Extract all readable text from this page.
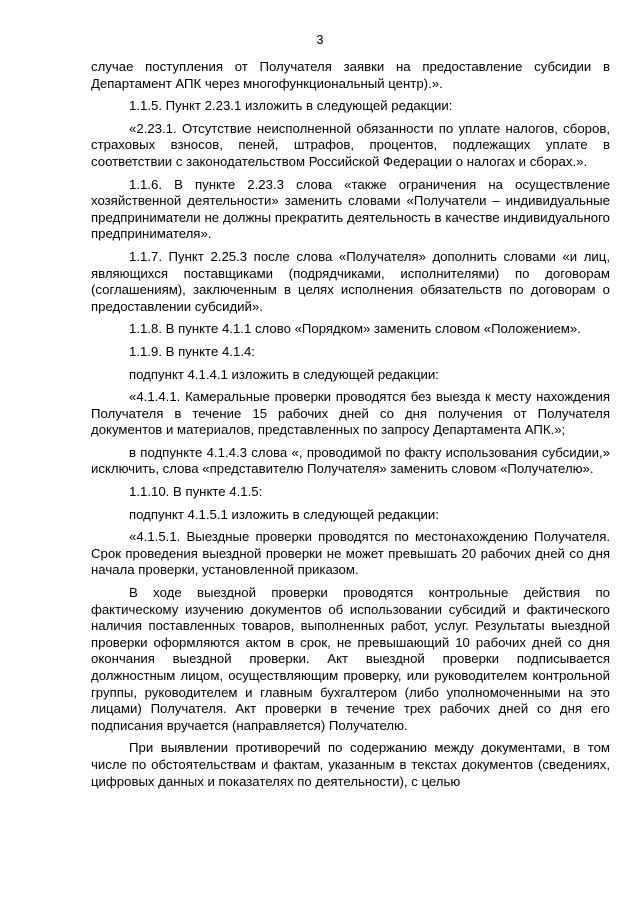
3

случае поступления от Получателя заявки на предоставление субсидии в Департамент АПК через многофункциональный центр).».

1.1.5. Пункт 2.23.1 изложить в следующей редакции:

«2.23.1. Отсутствие неисполненной обязанности по уплате налогов, сборов, страховых взносов, пеней, штрафов, процентов, подлежащих уплате в соответствии с законодательством Российской Федерации о налогах и сборах.».

1.1.6. В пункте 2.23.3 слова «также ограничения на осуществление хозяйственной деятельности» заменить словами «Получатели – индивидуальные предприниматели не должны прекратить деятельность в качестве индивидуального предпринимателя».

1.1.7. Пункт 2.25.3 после слова «Получателя» дополнить словами «и лиц, являющихся поставщиками (подрядчиками, исполнителями) по договорам (соглашениям), заключенным в целях исполнения обязательств по договорам о предоставлении субсидий».

1.1.8. В пункте 4.1.1 слово «Порядком» заменить словом «Положением».

1.1.9. В пункте 4.1.4:

подпункт 4.1.4.1 изложить в следующей редакции:

«4.1.4.1. Камеральные проверки проводятся без выезда к месту нахождения Получателя в течение 15 рабочих дней со дня получения от Получателя документов и материалов, представленных по запросу Департамента АПК.»;

в подпункте 4.1.4.3 слова «, проводимой по факту использования субсидии,» исключить, слова «представителю Получателя» заменить словом «Получателю».

1.1.10. В пункте 4.1.5:

подпункт 4.1.5.1 изложить в следующей редакции:

«4.1.5.1. Выездные проверки проводятся по местонахождению Получателя. Срок проведения выездной проверки не может превышать 20 рабочих дней со дня начала проверки, установленной приказом.

В ходе выездной проверки проводятся контрольные действия по фактическому изучению документов об использовании субсидий и фактического наличия поставленных товаров, выполненных работ, услуг. Результаты выездной проверки оформляются актом в срок, не превышающий 10 рабочих дней со дня окончания выездной проверки. Акт выездной проверки подписывается должностным лицом, осуществляющим проверку, или руководителем контрольной группы, руководителем и главным бухгалтером (либо уполномоченными на это лицами) Получателя. Акт проверки в течение трех рабочих дней со дня его подписания вручается (направляется) Получателю.

При выявлении противоречий по содержанию между документами, в том числе по обстоятельствам и фактам, указанным в текстах документов (сведениях, цифровых данных и показателях по деятельности), с целью
